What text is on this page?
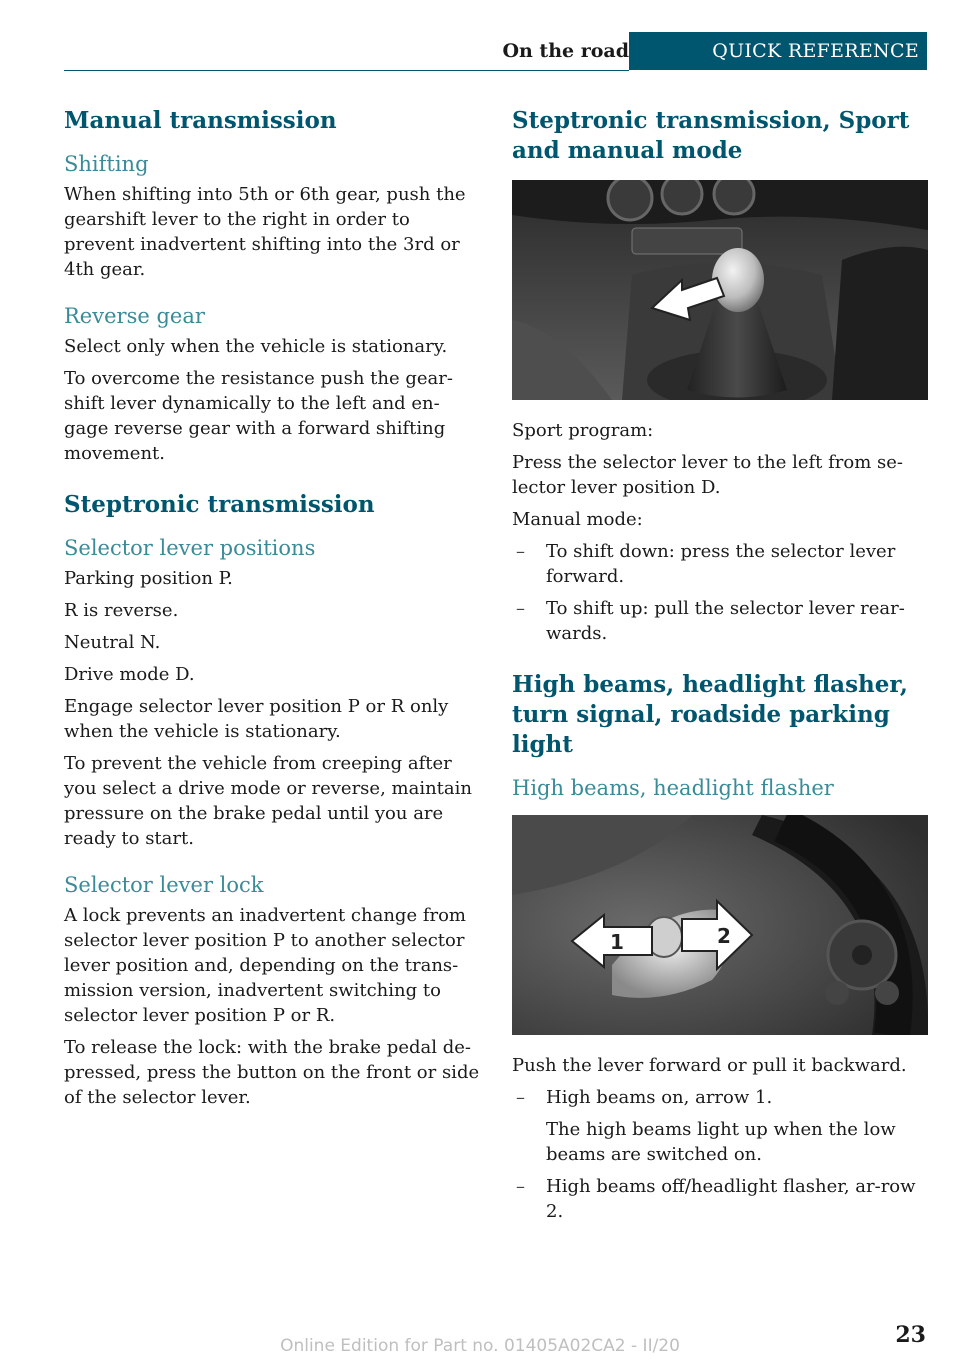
On the road	QUICK REFERENCE
Manual transmission
Shifting

When shifting into 5th or 6th gear, push the gearshift lever to the right in order to prevent inadvertent shifting into the 3rd or 4th gear.

Reverse gear

Select only when the vehicle is stationary.

To overcome the resistance push the gear-shift lever dynamically to the left and en-gage reverse gear with a forward shifting movement.

Steptronic transmission
Selector lever positions

Parking position P.

R is reverse.

Neutral N.

Drive mode D.

Engage selector lever position P or R only when the vehicle is stationary.

To prevent the vehicle from creeping after you select a drive mode or reverse, maintain pressure on the brake pedal until you are ready to start.

Selector lever lock

A lock prevents an inadvertent change from selector lever position P to another selector lever position and, depending on the trans-mission version, inadvertent switching to selector lever position P or R.

To release the lock: with the brake pedal de-pressed, press the button on the front or side of the selector lever.

Steptronic transmission, Sport and manual mode

Sport program:

Press the selector lever to the left from se-lector lever position D.

Manual mode:

– To shift down: press the selector lever forward.
– To shift up: pull the selector lever rear-wards.
High beams, headlight flasher, turn signal, roadside parking light
High beams, headlight flasher
1	2

Push the lever forward or pull it backward.

– High beams on, arrow 1.

The high beams light up when the low beams are switched on.

– High beams off/headlight flasher, ar-row 2.
23
Online Edition for Part no. 01405A02CA2 - II/20
